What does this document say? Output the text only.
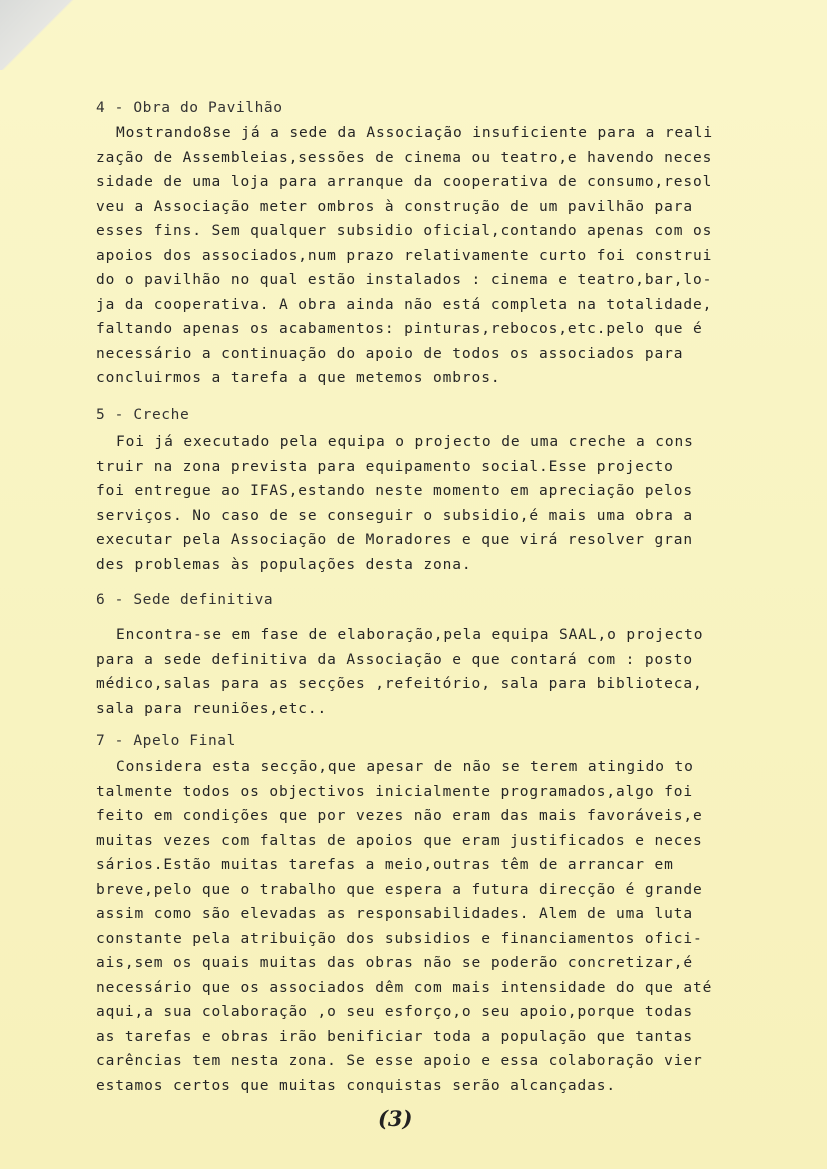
4 - Obra do Pavilhão
Mostrando8se já a sede da Associação insuficiente para a reali
zação de Assembleias,sessões de cinema ou teatro,e havendo neces
sidade de uma loja para arranque da cooperativa de consumo,resol
veu a Associação meter ombros à construção de um pavilhão para
esses fins. Sem qualquer subsidio oficial,contando apenas com os
apoios dos associados,num prazo relativamente curto foi construi
do o pavilhão no qual estão instalados : cinema e teatro,bar,lo-
ja da cooperativa. A obra ainda não está completa na totalidade,
faltando apenas os acabamentos: pinturas,rebocos,etc.pelo que é
necessário a continuação do apoio de todos os associados para
concluirmos a tarefa a que metemos ombros.
5 - Creche
Foi já executado pela equipa o projecto de uma creche a cons
truir na zona prevista para equipamento social.Esse projecto
foi entregue ao IFAS,estando neste momento em apreciação pelos
serviços. No caso de se conseguir o subsidio,é mais uma obra a
executar pela Associação de Moradores e que virá resolver gran
des problemas às populações desta zona.
6 - Sede definitiva
Encontra-se em fase de elaboração,pela equipa SAAL,o projecto
para a sede definitiva da Associação e que contará com : posto
médico,salas para as secções ,refeitório, sala para biblioteca,
sala para reuniões,etc..
7 - Apelo Final
Considera esta secção,que apesar de não se terem atingido to
talmente todos os objectivos inicialmente programados,algo foi
feito em condições que por vezes não eram das mais favoráveis,e
muitas vezes com faltas de apoios que eram justificados e neces
sários.Estão muitas tarefas a meio,outras têm de arrancar em
breve,pelo que o trabalho que espera a futura direcção é grande
assim como são elevadas as responsabilidades. Alem de uma luta
constante pela atribuição dos subsidios e financiamentos ofici-
ais,sem os quais muitas das obras não se poderão concretizar,é
necessário que os associados dêm com mais intensidade do que até
aqui,a sua colaboração ,o seu esforço,o seu apoio,porque todas
as tarefas e obras irão benificiar toda a população que tantas
carências tem nesta zona. Se esse apoio e essa colaboração vier
estamos certos que muitas conquistas serão alcançadas.
(3)
